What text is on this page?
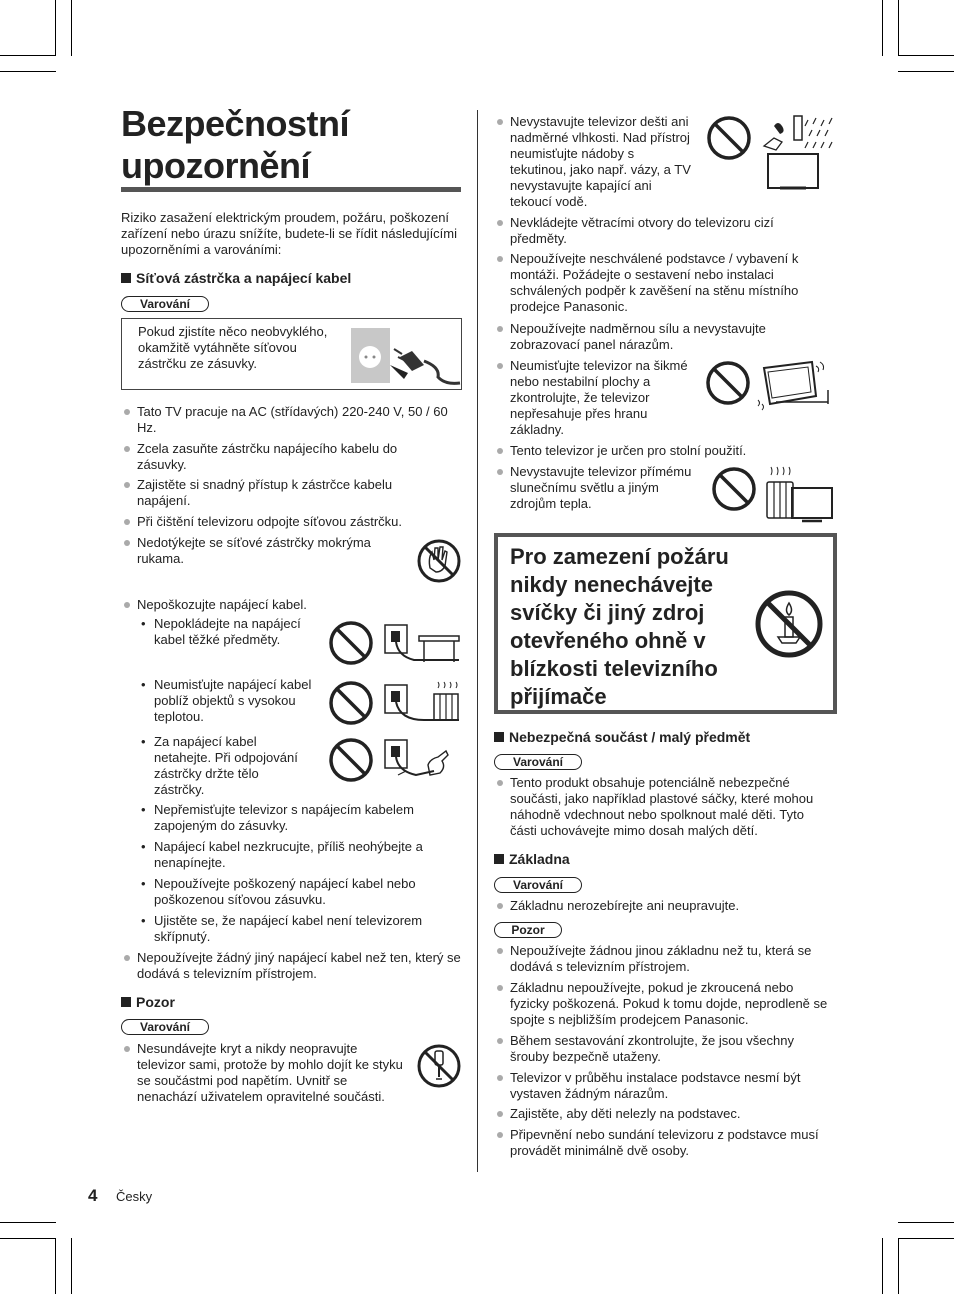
Bezpečnostní upozornění
Riziko zasažení elektrickým proudem, požáru, poškození zařízení nebo úrazu snížíte, budete-li se řídit následujícími upozorněními a varováními:
Síťová zástrčka a napájecí kabel
Varování
Pokud zjistíte něco neobvyklého, okamžitě vytáhněte síťovou zástrčku ze zásuvky.
Tato TV pracuje na AC (střídavých) 220-240 V, 50 / 60 Hz.
Zcela zasuňte zástrčku napájecího kabelu do zásuvky.
Zajistěte si snadný přístup k zástrčce kabelu napájení.
Při čištění televizoru odpojte síťovou zástrčku.
Nedotýkejte se síťové zástrčky mokrýma rukama.
Nepoškozujte napájecí kabel.
• Nepokládejte na napájecí kabel těžké předměty.
• Neumisťujte napájecí kabel poblíž objektů s vysokou teplotou.
• Za napájecí kabel netahejte. Při odpojování zástrčky držte tělo zástrčky.
• Nepřemisťujte televizor s napájecím kabelem zapojeným do zásuvky.
• Napájecí kabel nezkrucujte, příliš neohýbejte a nenapínejte.
• Nepoužívejte poškozený napájecí kabel nebo poškozenou síťovou zásuvku.
• Ujistěte se, že napájecí kabel není televizorem skřípnutý.
Nepoužívejte žádný jiný napájecí kabel než ten, který se dodává s televizním přístrojem.
Pozor
Varování
Nesundávejte kryt a nikdy neopravujte televizor sami, protože by mohlo dojít ke styku se součástmi pod napětím. Uvnitř se nenachází uživatelem opravitelné součásti.
4 Česky
Nevystavujte televizor dešti ani nadměrné vlhkosti. Nad přístroj neumisťujte nádoby s tekutinou, jako např. vázy, a TV nevystavujte kapající ani tekoucí vodě.
Nevkládejte větracími otvory do televizoru cizí předměty.
Nepoužívejte neschválené podstavce / vybavení k montáži. Požádejte o sestavení nebo instalaci schválených podpěr k zavěšení na stěnu místního prodejce Panasonic.
Nepoužívejte nadměrnou sílu a nevystavujte zobrazovací panel nárazům.
Neumisťujte televizor na šikmé nebo nestabilní plochy a zkontrolujte, že televizor nepřesahuje přes hranu základny.
Tento televizor je určen pro stolní použití.
Nevystavujte televizor přímému slunečnímu světlu a jiným zdrojům tepla.
Pro zamezení požáru nikdy nenechávejte svíčky či jiný zdroj otevřeného ohně v blízkosti televizního přijímače
Nebezpečná součást / malý předmět
Varování
Tento produkt obsahuje potenciálně nebezpečné součásti, jako například plastové sáčky, které mohou náhodně vdechnout nebo spolknout malé děti. Tyto části uchovávejte mimo dosah malých dětí.
Základna
Varování
Základnu nerozebírejte ani neupravujte.
Pozor
Nepoužívejte žádnou jinou základnu než tu, která se dodává s televizním přístrojem.
Základnu nepoužívejte, pokud je zkroucená nebo fyzicky poškozená. Pokud k tomu dojde, neprodleně se spojte s nejbližším prodejcem Panasonic.
Během sestavování zkontrolujte, že jsou všechny šrouby bezpečně utaženy.
Televizor v průběhu instalace podstavce nesmí být vystaven žádným nárazům.
Zajistěte, aby děti nelezly na podstavec.
Připevnění nebo sundání televizoru z podstavce musí provádět minimálně dvě osoby.
